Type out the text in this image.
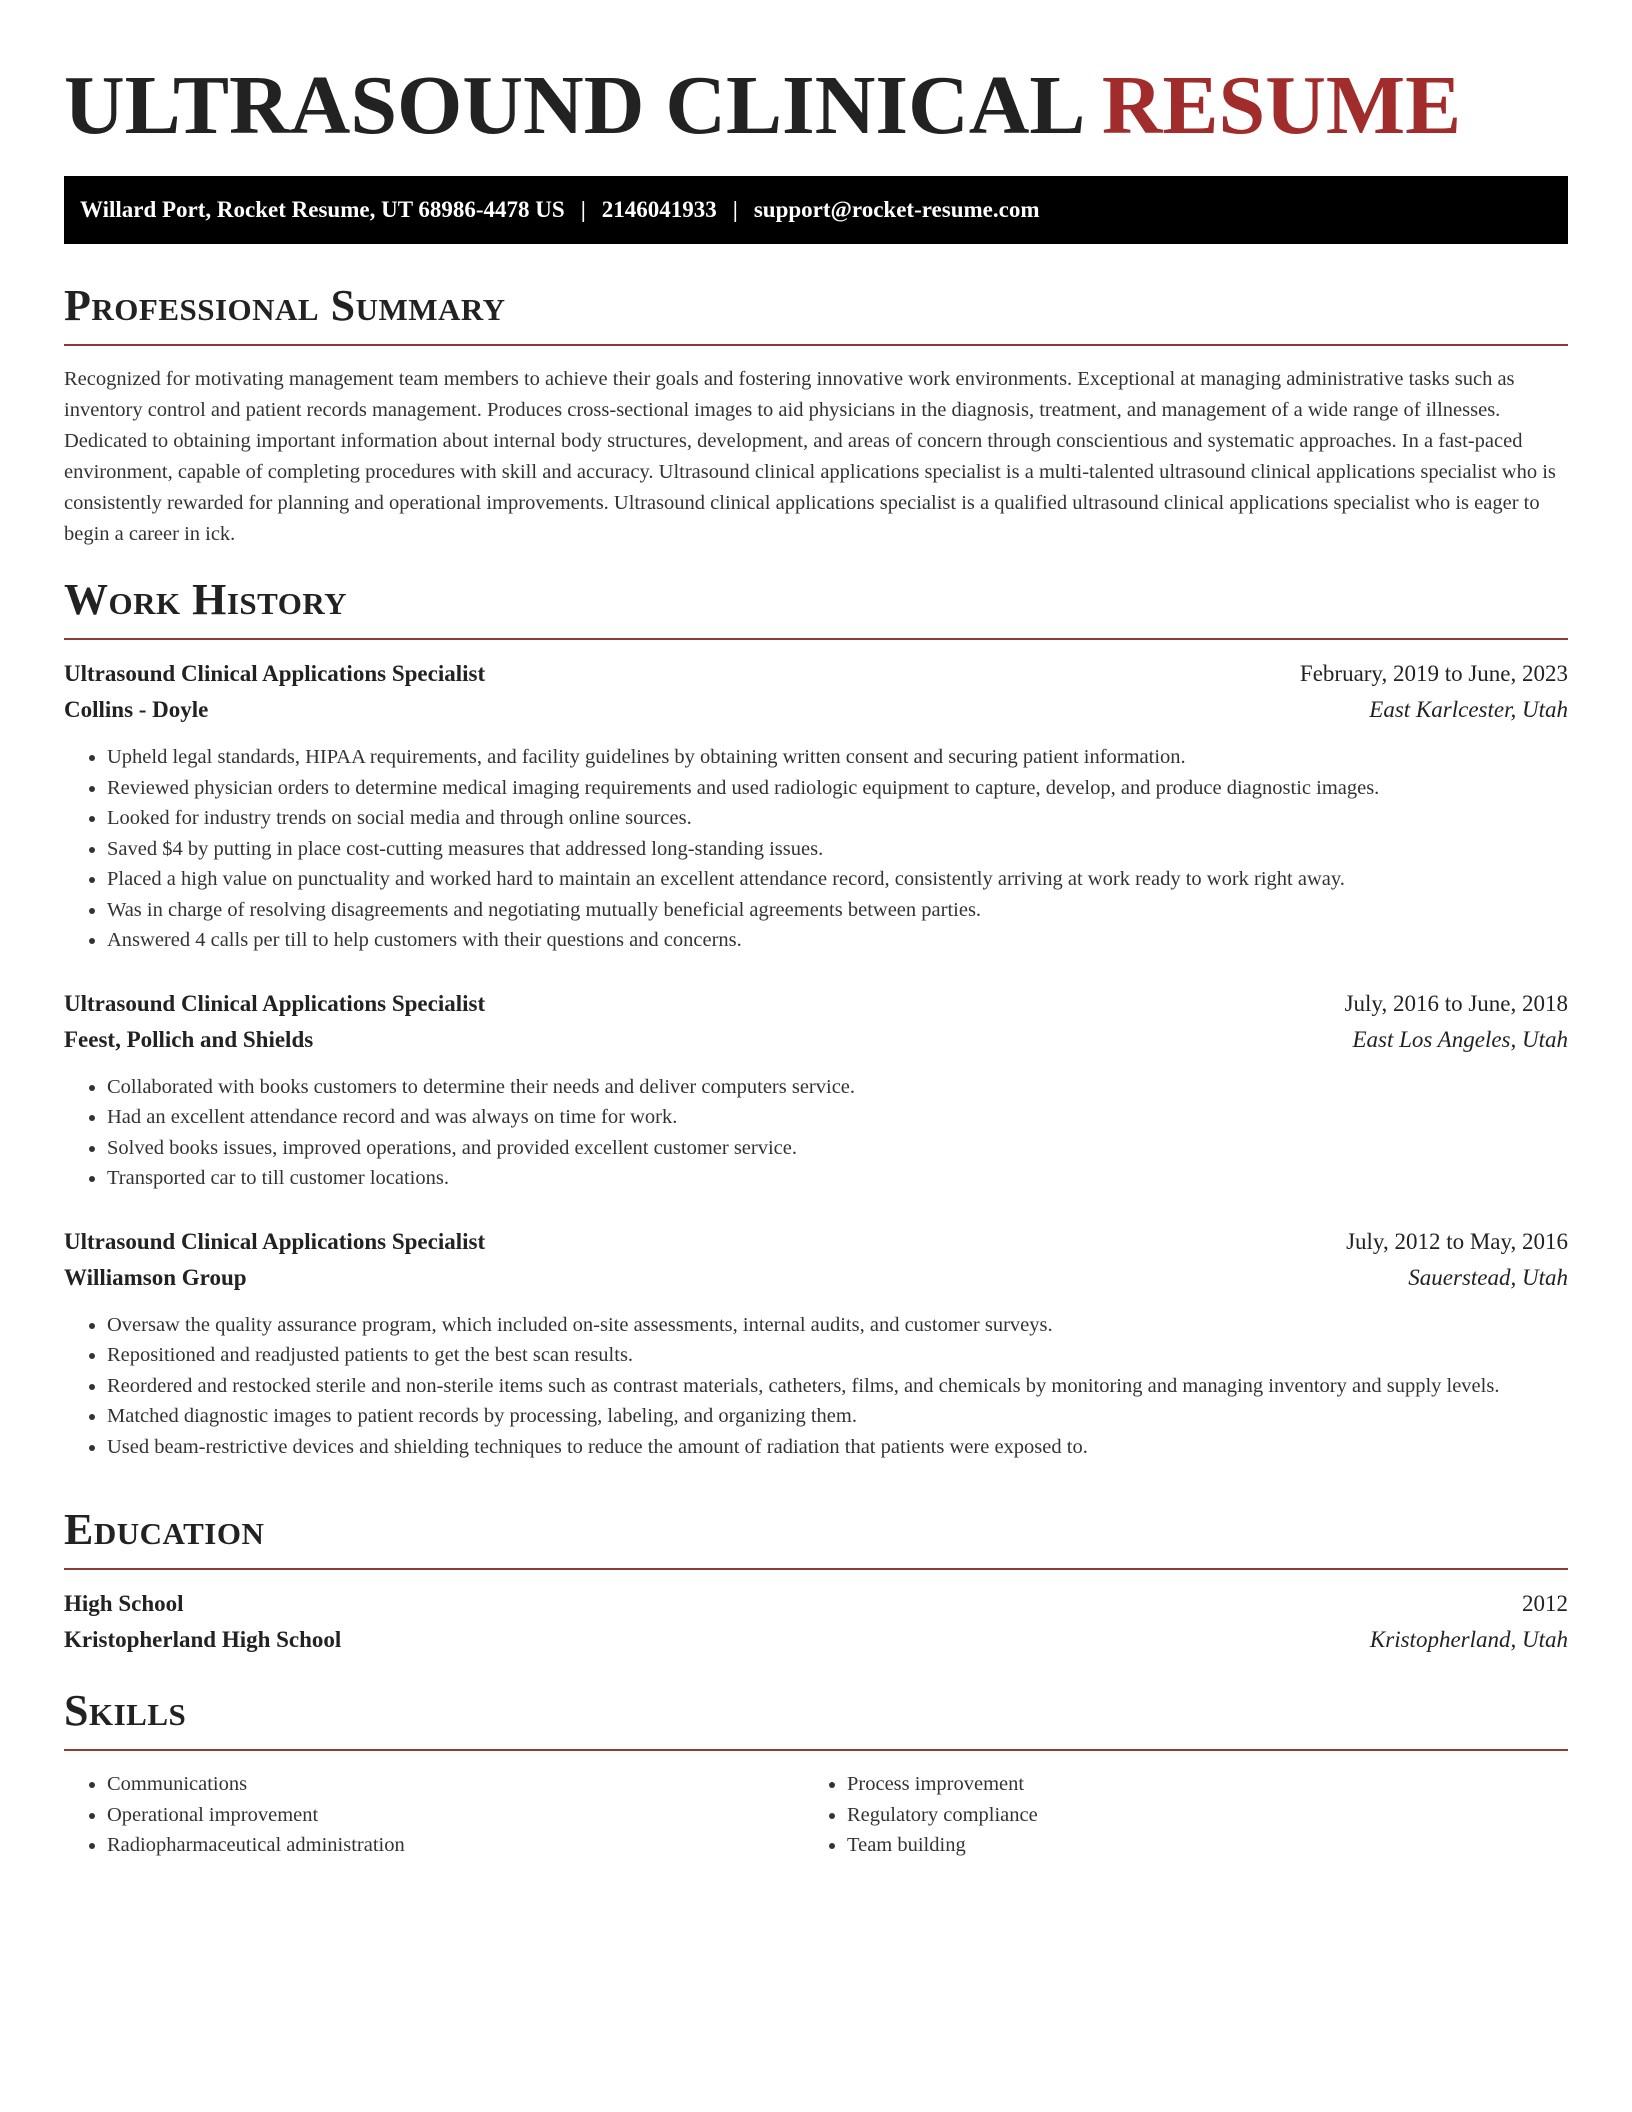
ULTRASOUND CLINICAL RESUME
Willard Port, Rocket Resume, UT 68986-4478 US | 2146041933 | support@rocket-resume.com
Professional Summary

Recognized for motivating management team members to achieve their goals and fostering innovative work environments. Exceptional at managing administrative tasks such as inventory control and patient records management. Produces cross-sectional images to aid physicians in the diagnosis, treatment, and management of a wide range of illnesses. Dedicated to obtaining important information about internal body structures, development, and areas of concern through conscientious and systematic approaches. In a fast-paced environment, capable of completing procedures with skill and accuracy. Ultrasound clinical applications specialist is a multi-talented ultrasound clinical applications specialist who is consistently rewarded for planning and operational improvements. Ultrasound clinical applications specialist is a qualified ultrasound clinical applications specialist who is eager to begin a career in ick.

Work History
Ultrasound Clinical Applications Specialist	February, 2019 to June, 2023
Collins - Doyle	East Karlcester, Utah
• Upheld legal standards, HIPAA requirements, and facility guidelines by obtaining written consent and securing patient information.
• Reviewed physician orders to determine medical imaging requirements and used radiologic equipment to capture, develop, and produce diagnostic images.
• Looked for industry trends on social media and through online sources.
• Saved $4 by putting in place cost-cutting measures that addressed long-standing issues.
• Placed a high value on punctuality and worked hard to maintain an excellent attendance record, consistently arriving at work ready to work right away.
• Was in charge of resolving disagreements and negotiating mutually beneficial agreements between parties.
• Answered 4 calls per till to help customers with their questions and concerns.
Ultrasound Clinical Applications Specialist	July, 2016 to June, 2018
Feest, Pollich and Shields	East Los Angeles, Utah
• Collaborated with books customers to determine their needs and deliver computers service.
• Had an excellent attendance record and was always on time for work.
• Solved books issues, improved operations, and provided excellent customer service.
• Transported car to till customer locations.
Ultrasound Clinical Applications Specialist	July, 2012 to May, 2016
Williamson Group	Sauerstead, Utah
• Oversaw the quality assurance program, which included on-site assessments, internal audits, and customer surveys.
• Repositioned and readjusted patients to get the best scan results.
• Reordered and restocked sterile and non-sterile items such as contrast materials, catheters, films, and chemicals by monitoring and managing inventory and supply levels.
• Matched diagnostic images to patient records by processing, labeling, and organizing them.
• Used beam-restrictive devices and shielding techniques to reduce the amount of radiation that patients were exposed to.
Education
High School	2012
Kristopherland High School	Kristopherland, Utah
Skills
• Communications
• Operational improvement
• Radiopharmaceutical administration
• Process improvement
• Regulatory compliance
• Team building
